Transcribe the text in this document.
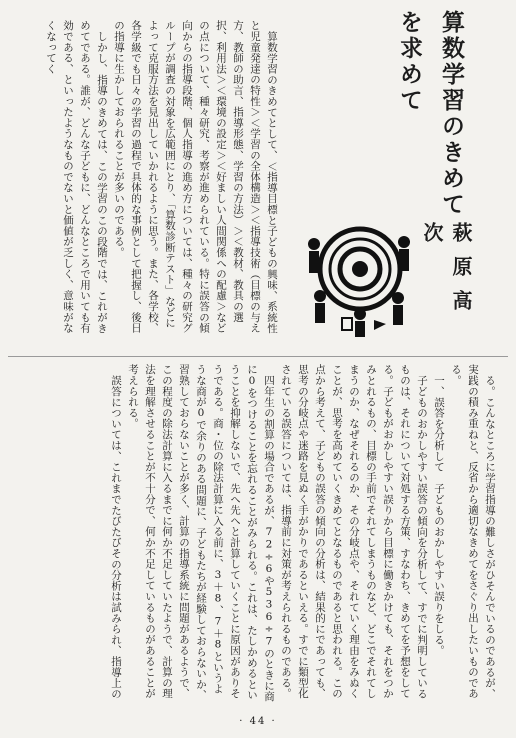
算数学習のきめてを求めて
萩原高次

算数学習のきめてとして、＜指導目標と子どもの興味、系統性と児童発達の特性＞＜学習の全体構造＞＜指導技術（目標の与え方、教師の助言、指導形態、学習の方法）＞＜教材、教具の選択、利用法＞＜環境の設定＞＜好ましい人間関係への配慮＞などの点について、種々研究、考察が進められている。特に誤答の傾向からの指導段階、個人指導の進め方については、種々の研究グループが調査の対象を広範囲にとり、「算数診断テスト」などによって克服方法を見出していかれるように思う。また、各学校、各学級でも日々の学習の過程で具体的な事例として把握し、後日の指導に生かしておられることが多いのである。

しかし、指導のきめては、この学習のこの段階では、これがきめてである。誰が、どんな子どもに、どんなところで用いても有効である、といったようなものでないと価値が乏しく、意味がなくなってく

る。こんなところに学習指導の難しさがひそんでいるのであるが、実践の積み重ねと、反省から適切なきめてをさぐり出したいものである。

一、誤答を分析して　子どものおかしやすい誤りをしる。

子どものおかしやすい誤答の傾向を分析して、すでに判明しているものは、それについて対処する方策、すなわち、きめてを予想をしてる。子どもがおかしやすい誤りから目標に働きかけても、それをつかみとれるもの、目標の手前でそれてしまうものなど、どこでそれてしまうのか、なぜそれるのか、その分岐点や、それていく理由をみぬくことが、思考を高めていくきめてとなるものであると思われる。この点から考えて、子どもの誤答の傾向の分析は、結果的にであっても、思考の分岐点や迷路を見ぬく手がかりであるといえる。すでに類型化されている誤答については、指導前に対策が考えられるものである。

四年生の割算の場合であるが、72÷6や536÷7のときに商に0をつけることを忘れることがみられる。これは、たしかめるということを抑解しないで、先へ先へと計算していくことに原因がありそうである。商・位の除法計算に入る前に、3＋8、7＋8というような商が0で余りのある問題に、子どもたちが経験しておらないか、習熟しておらないことが多く、計算の指導系統に問題があるようで、この程度の除法計算に入るまでに何か不足していたようで、計算の理法を理解させることが不十分で、何か不足しているものがあることが考えられる。

誤答については、これまでたびたびその分析は試みられ、指導上の

· 44 ·
